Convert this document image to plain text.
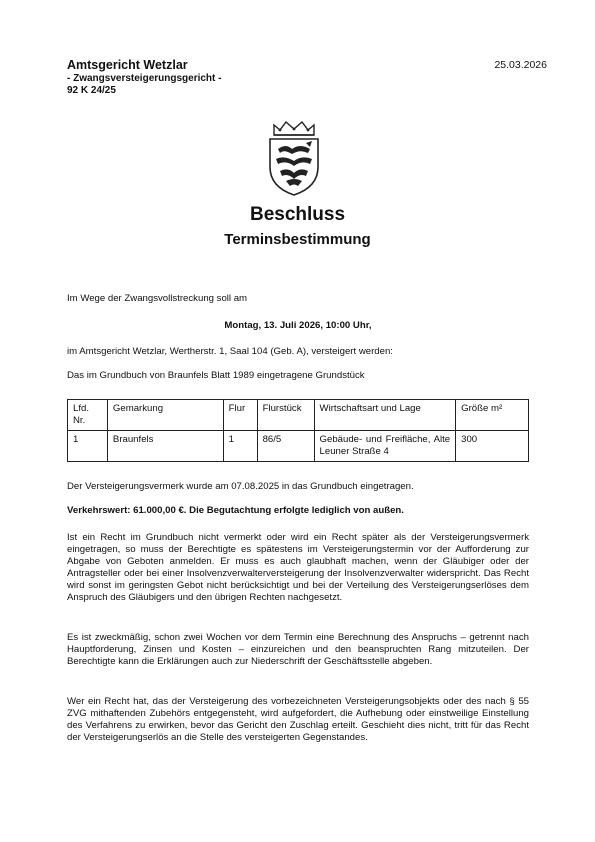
Amtsgericht Wetzlar
- Zwangsversteigerungsgericht -
92 K 24/25
25.03.2026
Beschluss
Terminsbestimmung
Im Wege der Zwangsvollstreckung soll am
Montag, 13. Juli 2026, 10:00 Uhr,
im Amtsgericht Wetzlar, Wertherstr. 1, Saal 104 (Geb. A), versteigert werden:
Das im Grundbuch von Braunfels Blatt 1989 eingetragene Grundstück
Lfd. Nr.	Gemarkung	Flur	Flurstück	Wirtschaftsart und Lage	Größe m²
1	Braunfels	1	86/5	Gebäude- und Freifläche, Alte Leuner Straße 4	300
Der Versteigerungsvermerk wurde am 07.08.2025 in das Grundbuch eingetragen.
Verkehrswert: 61.000,00 €. Die Begutachtung erfolgte lediglich von außen.
Ist ein Recht im Grundbuch nicht vermerkt oder wird ein Recht später als der Versteigerungsvermerk eingetragen, so muss der Berechtigte es spätestens im Versteigerungstermin vor der Aufforderung zur Abgabe von Geboten anmelden. Er muss es auch glaubhaft machen, wenn der Gläubiger oder der Antragsteller oder bei einer Insolvenzverwalterversteigerung der Insolvenzverwalter widerspricht. Das Recht wird sonst im geringsten Gebot nicht berücksichtigt und bei der Verteilung des Versteigerungserlöses dem Anspruch des Gläubigers und den übrigen Rechten nachgesetzt.
Es ist zweckmäßig, schon zwei Wochen vor dem Termin eine Berechnung des Anspruchs – getrennt nach Hauptforderung, Zinsen und Kosten – einzureichen und den beanspruchten Rang mitzuteilen. Der Berechtigte kann die Erklärungen auch zur Niederschrift der Geschäftsstelle abgeben.
Wer ein Recht hat, das der Versteigerung des vorbezeichneten Versteigerungsobjekts oder des nach § 55 ZVG mithaftenden Zubehörs entgegensteht, wird aufgefordert, die Aufhebung oder einstweilige Einstellung des Verfahrens zu erwirken, bevor das Gericht den Zuschlag erteilt. Geschieht dies nicht, tritt für das Recht der Versteigerungserlös an die Stelle des versteigerten Gegenstandes.
